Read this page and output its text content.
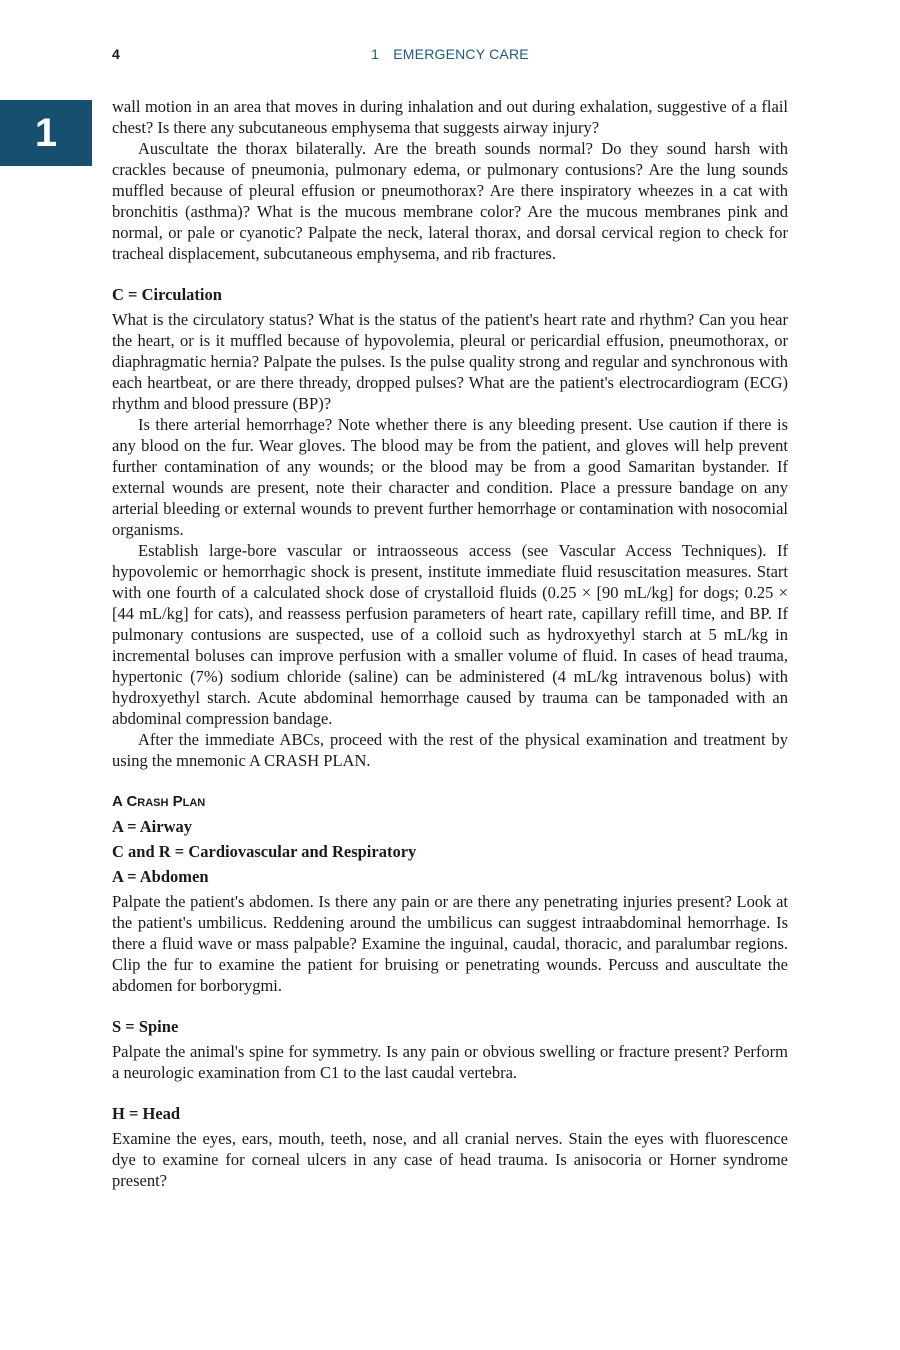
4	1 EMERGENCY CARE
1

wall motion in an area that moves in during inhalation and out during exhalation, suggestive of a flail chest? Is there any subcutaneous emphysema that suggests airway injury?

Auscultate the thorax bilaterally. Are the breath sounds normal? Do they sound harsh with crackles because of pneumonia, pulmonary edema, or pulmonary contusions? Are the lung sounds muffled because of pleural effusion or pneumothorax? Are there inspiratory wheezes in a cat with bronchitis (asthma)? What is the mucous membrane color? Are the mucous membranes pink and normal, or pale or cyanotic? Palpate the neck, lateral thorax, and dorsal cervical region to check for tracheal displacement, subcutaneous emphysema, and rib fractures.

C = Circulation

What is the circulatory status? What is the status of the patient's heart rate and rhythm? Can you hear the heart, or is it muffled because of hypovolemia, pleural or pericardial effusion, pneumothorax, or diaphragmatic hernia? Palpate the pulses. Is the pulse quality strong and regular and synchronous with each heartbeat, or are there thready, dropped pulses? What are the patient's electrocardiogram (ECG) rhythm and blood pressure (BP)?

Is there arterial hemorrhage? Note whether there is any bleeding present. Use caution if there is any blood on the fur. Wear gloves. The blood may be from the patient, and gloves will help prevent further contamination of any wounds; or the blood may be from a good Samaritan bystander. If external wounds are present, note their character and condition. Place a pressure bandage on any arterial bleeding or external wounds to prevent further hemorrhage or contamination with nosocomial organisms.

Establish large-bore vascular or intraosseous access (see Vascular Access Techniques). If hypovolemic or hemorrhagic shock is present, institute immediate fluid resuscitation measures. Start with one fourth of a calculated shock dose of crystalloid fluids (0.25 × [90 mL/kg] for dogs; 0.25 × [44 mL/kg] for cats), and reassess perfusion parameters of heart rate, capillary refill time, and BP. If pulmonary contusions are suspected, use of a colloid such as hydroxyethyl starch at 5 mL/kg in incremental boluses can improve perfusion with a smaller volume of fluid. In cases of head trauma, hypertonic (7%) sodium chloride (saline) can be administered (4 mL/kg intravenous bolus) with hydroxyethyl starch. Acute abdominal hemorrhage caused by trauma can be tamponaded with an abdominal compression bandage.

After the immediate ABCs, proceed with the rest of the physical examination and treatment by using the mnemonic A CRASH PLAN.

A Crash Plan
A = Airway
C and R = Cardiovascular and Respiratory
A = Abdomen

Palpate the patient's abdomen. Is there any pain or are there any penetrating injuries present? Look at the patient's umbilicus. Reddening around the umbilicus can suggest intraabdominal hemorrhage. Is there a fluid wave or mass palpable? Examine the inguinal, caudal, thoracic, and paralumbar regions. Clip the fur to examine the patient for bruising or penetrating wounds. Percuss and auscultate the abdomen for borborygmi.

S = Spine

Palpate the animal's spine for symmetry. Is any pain or obvious swelling or fracture present? Perform a neurologic examination from C1 to the last caudal vertebra.

H = Head

Examine the eyes, ears, mouth, teeth, nose, and all cranial nerves. Stain the eyes with fluorescence dye to examine for corneal ulcers in any case of head trauma. Is anisocoria or Horner syndrome present?
